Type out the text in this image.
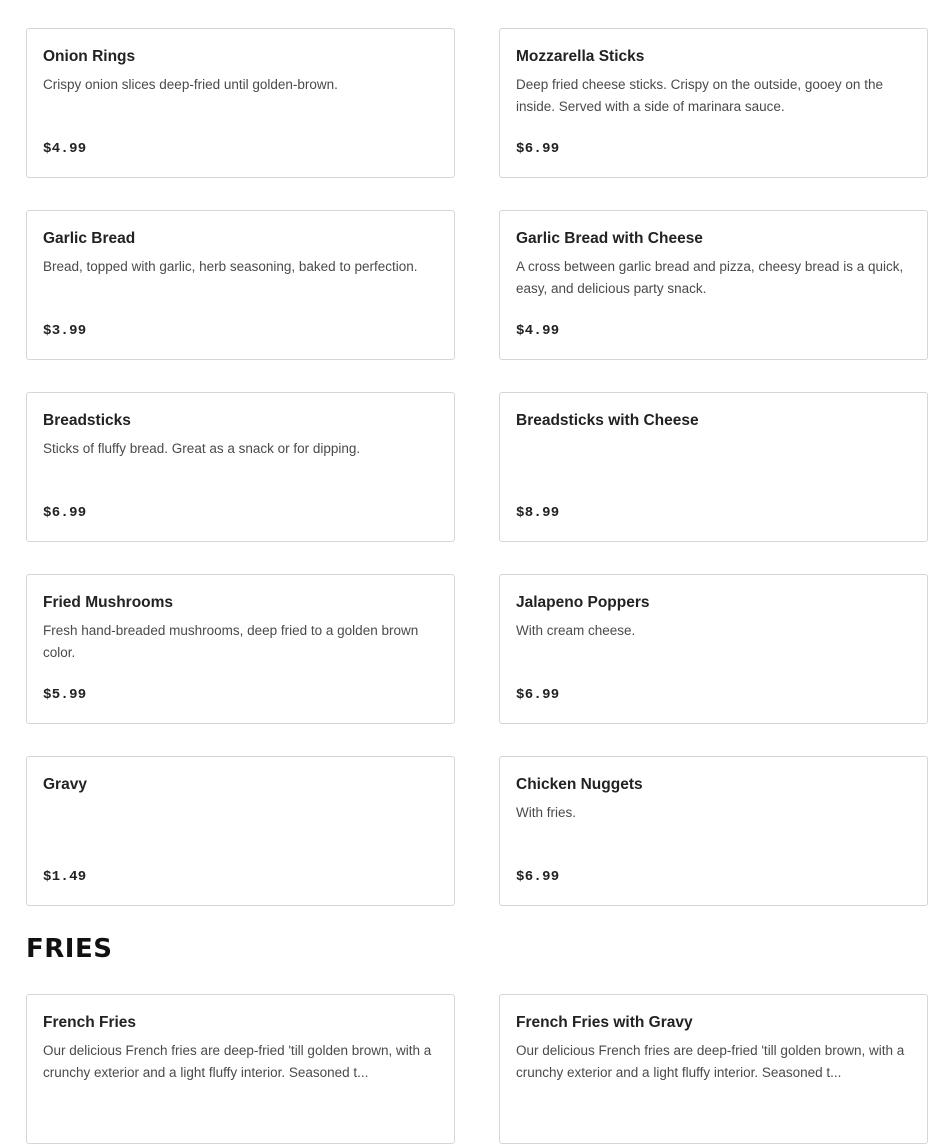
Onion Rings
Crispy onion slices deep-fried until golden-brown.
$4.99
Mozzarella Sticks
Deep fried cheese sticks. Crispy on the outside, gooey on the inside. Served with a side of marinara sauce.
$6.99
Garlic Bread
Bread, topped with garlic, herb seasoning, baked to perfection.
$3.99
Garlic Bread with Cheese
A cross between garlic bread and pizza, cheesy bread is a quick, easy, and delicious party snack.
$4.99
Breadsticks
Sticks of fluffy bread. Great as a snack or for dipping.
$6.99
Breadsticks with Cheese
$8.99
Fried Mushrooms
Fresh hand-breaded mushrooms, deep fried to a golden brown color.
$5.99
Jalapeno Poppers
With cream cheese.
$6.99
Gravy
$1.49
Chicken Nuggets
With fries.
$6.99
FRIES
French Fries
Our delicious French fries are deep-fried 'till golden brown, with a crunchy exterior and a light fluffy interior. Seasoned t...
French Fries with Gravy
Our delicious French fries are deep-fried 'till golden brown, with a crunchy exterior and a light fluffy interior. Seasoned t...
